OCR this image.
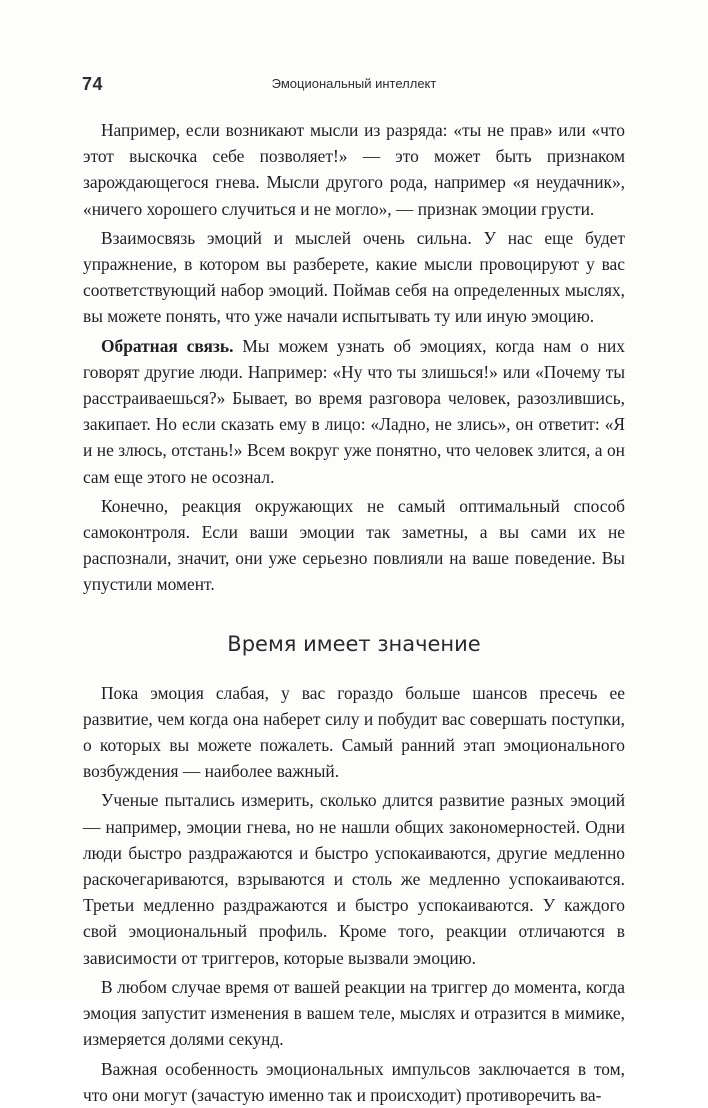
74	Эмоциональный интеллект

Например, если возникают мысли из разряда: «ты не прав» или «что этот выскочка себе позволяет!» — это может быть признаком зарождающегося гнева. Мысли другого рода, например «я неудачник», «ничего хорошего случиться и не могло», — признак эмоции грусти.

Взаимосвязь эмоций и мыслей очень сильна. У нас еще будет упражнение, в котором вы разберете, какие мысли провоцируют у вас соответствующий набор эмоций. Поймав себя на определенных мыслях, вы можете понять, что уже начали испытывать ту или иную эмоцию.

Обратная связь. Мы можем узнать об эмоциях, когда нам о них говорят другие люди. Например: «Ну что ты злишься!» или «Почему ты расстраиваешься?» Бывает, во время разговора человек, разозлившись, закипает. Но если сказать ему в лицо: «Ладно, не злись», он ответит: «Я и не злюсь, отстань!» Всем вокруг уже понятно, что человек злится, а он сам еще этого не осознал.

Конечно, реакция окружающих не самый оптимальный способ самоконтроля. Если ваши эмоции так заметны, а вы сами их не распознали, значит, они уже серьезно повлияли на ваше поведение. Вы упустили момент.

Время имеет значение

Пока эмоция слабая, у вас гораздо больше шансов пресечь ее развитие, чем когда она наберет силу и побудит вас совершать поступки, о которых вы можете пожалеть. Самый ранний этап эмоционального возбуждения — наиболее важный.

Ученые пытались измерить, сколько длится развитие разных эмоций — например, эмоции гнева, но не нашли общих закономерностей. Одни люди быстро раздражаются и быстро успокаиваются, другие медленно раскочегариваются, взрываются и столь же медленно успокаиваются. Третьи медленно раздражаются и быстро успокаиваются. У каждого свой эмоциональный профиль. Кроме того, реакции отличаются в зависимости от триггеров, которые вызвали эмоцию.

В любом случае время от вашей реакции на триггер до момента, когда эмоция запустит изменения в вашем теле, мыслях и отразится в мимике, измеряется долями секунд.

Важная особенность эмоциональных импульсов заключается в том, что они могут (зачастую именно так и происходит) противоречить ва-
